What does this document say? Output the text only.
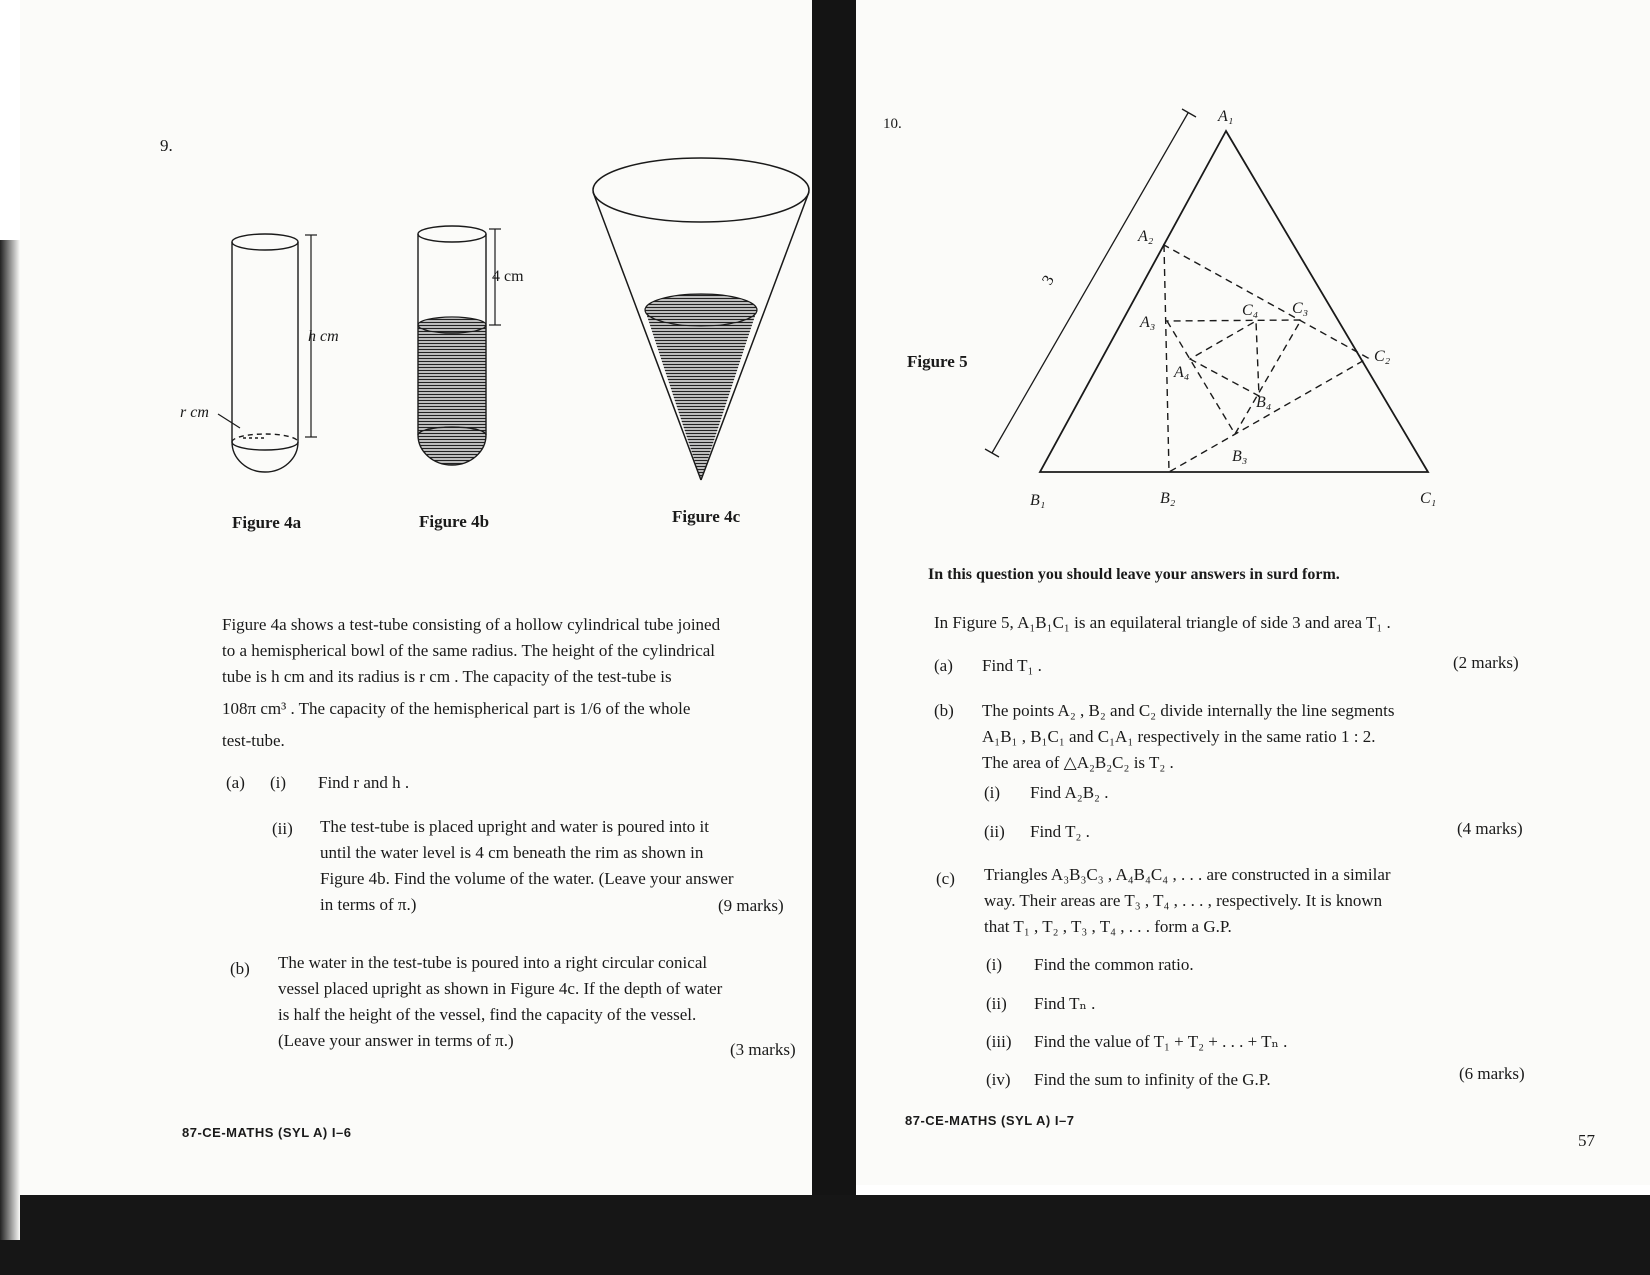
9.
h cm
r cm
Figure 4a
4 cm
Figure 4b	Figure 4c
Figure 4a shows a test-tube consisting of a hollow cylindrical tube joined
to a hemispherical bowl of the same radius. The height of the cylindrical
tube is h cm and its radius is r cm . The capacity of the test-tube is
108π cm³ . The capacity of the hemispherical part is 1/6 of the whole
test-tube.
(a) (i) Find r and h .
(ii) The test-tube is placed upright and water is poured into it
until the water level is 4 cm beneath the rim as shown in
Figure 4b. Find the volume of the water. (Leave your answer
in terms of π.)	(9 marks)
(b) The water in the test-tube is poured into a right circular conical
vessel placed upright as shown in Figure 4c. If the depth of water
is half the height of the vessel, find the capacity of the vessel.
(Leave your answer in terms of π.)	(3 marks)
87-CE-MATHS (SYL A) I–6
10.
Figure 5
3
A₁
B₁	C₁
A₂
B₂
C₂
A₃
B₃
C₃
A₄
B₄
C₄
In this question you should leave your answers in surd form.
In Figure 5, A₁B₁C₁ is an equilateral triangle of side 3 and area T₁ .
(a) Find T₁ .	(2 marks)
(b) The points A₂ , B₂ and C₂ divide internally the line segments
A₁B₁ , B₁C₁ and C₁A₁ respectively in the same ratio 1 : 2.
The area of △A₂B₂C₂ is T₂ .
(i) Find A₂B₂ .
(ii) Find T₂ .	(4 marks)
(c) Triangles A₃B₃C₃ , A₄B₄C₄ , . . . are constructed in a similar
way. Their areas are T₃ , T₄ , . . . , respectively. It is known
that T₁ , T₂ , T₃ , T₄ , . . . form a G.P.
(i) Find the common ratio.
(ii) Find Tₙ .
(iii) Find the value of T₁ + T₂ + . . . + Tₙ .
(iv) Find the sum to infinity of the G.P.	(6 marks)
87-CE-MATHS (SYL A) I–7
57
